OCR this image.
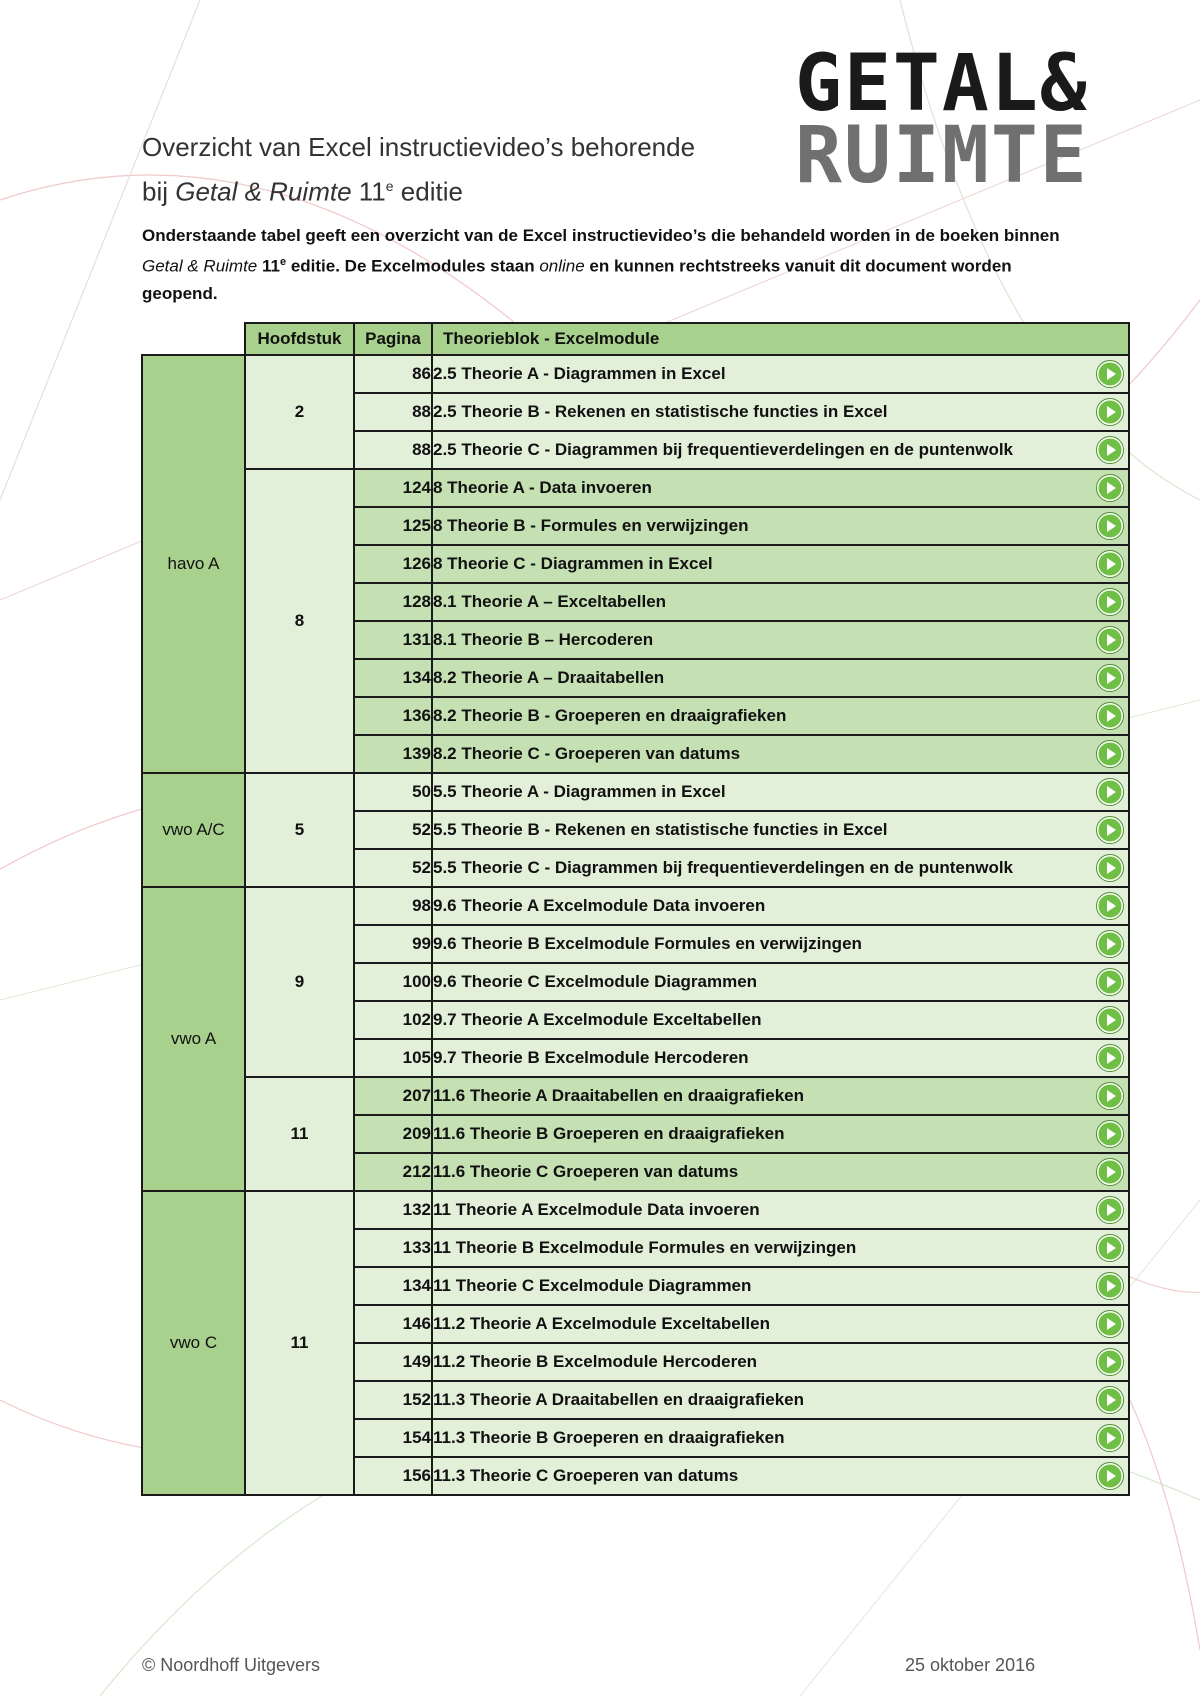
GETAL&
RUIMTE
Overzicht van Excel instructievideo’s behorende
bij Getal & Ruimte 11e editie
Onderstaande tabel geeft een overzicht van de Excel instructievideo’s die behandeld worden in de boeken binnen Getal & Ruimte 11e editie. De Excelmodules staan online en kunnen rechtstreeks vanuit dit document worden geopend.
	Hoofdstuk	Pagina	Theorieblok - Excelmodule
havo A	2	86	2.5 Theorie A - Diagrammen in Excel

		88	2.5 Theorie B - Rekenen en statistische functies in Excel

		88	2.5 Theorie C - Diagrammen bij frequentieverdelingen en de puntenwolk

	8	124	8 Theorie A - Data invoeren

		125	8 Theorie B - Formules en verwijzingen

		126	8 Theorie C - Diagrammen in Excel

		128	8.1 Theorie A – Exceltabellen

		131	8.1 Theorie B – Hercoderen

		134	8.2 Theorie A – Draaitabellen

		136	8.2 Theorie B - Groeperen en draaigrafieken

		139	8.2 Theorie C - Groeperen van datums

vwo A/C	5	50	5.5 Theorie A - Diagrammen in Excel

		52	5.5 Theorie B - Rekenen en statistische functies in Excel

		52	5.5 Theorie C - Diagrammen bij frequentieverdelingen en de puntenwolk

vwo A	9	98	9.6 Theorie A Excelmodule Data invoeren

		99	9.6 Theorie B Excelmodule Formules en verwijzingen

		100	9.6 Theorie C Excelmodule Diagrammen

		102	9.7 Theorie A Excelmodule Exceltabellen

		105	9.7 Theorie B Excelmodule Hercoderen

	11	207	11.6 Theorie A Draaitabellen en draaigrafieken

		209	11.6 Theorie B Groeperen en draaigrafieken

		212	11.6 Theorie C Groeperen van datums

vwo C	11	132	11 Theorie A Excelmodule Data invoeren

		133	11 Theorie B Excelmodule Formules en verwijzingen

		134	11 Theorie C Excelmodule Diagrammen

		146	11.2 Theorie A Excelmodule Exceltabellen

		149	11.2 Theorie B Excelmodule Hercoderen

		152	11.3 Theorie A Draaitabellen en draaigrafieken

		154	11.3 Theorie B Groeperen en draaigrafieken

		156	11.3 Theorie C Groeperen van datums
© Noordhoff Uitgevers	25 oktober 2016
